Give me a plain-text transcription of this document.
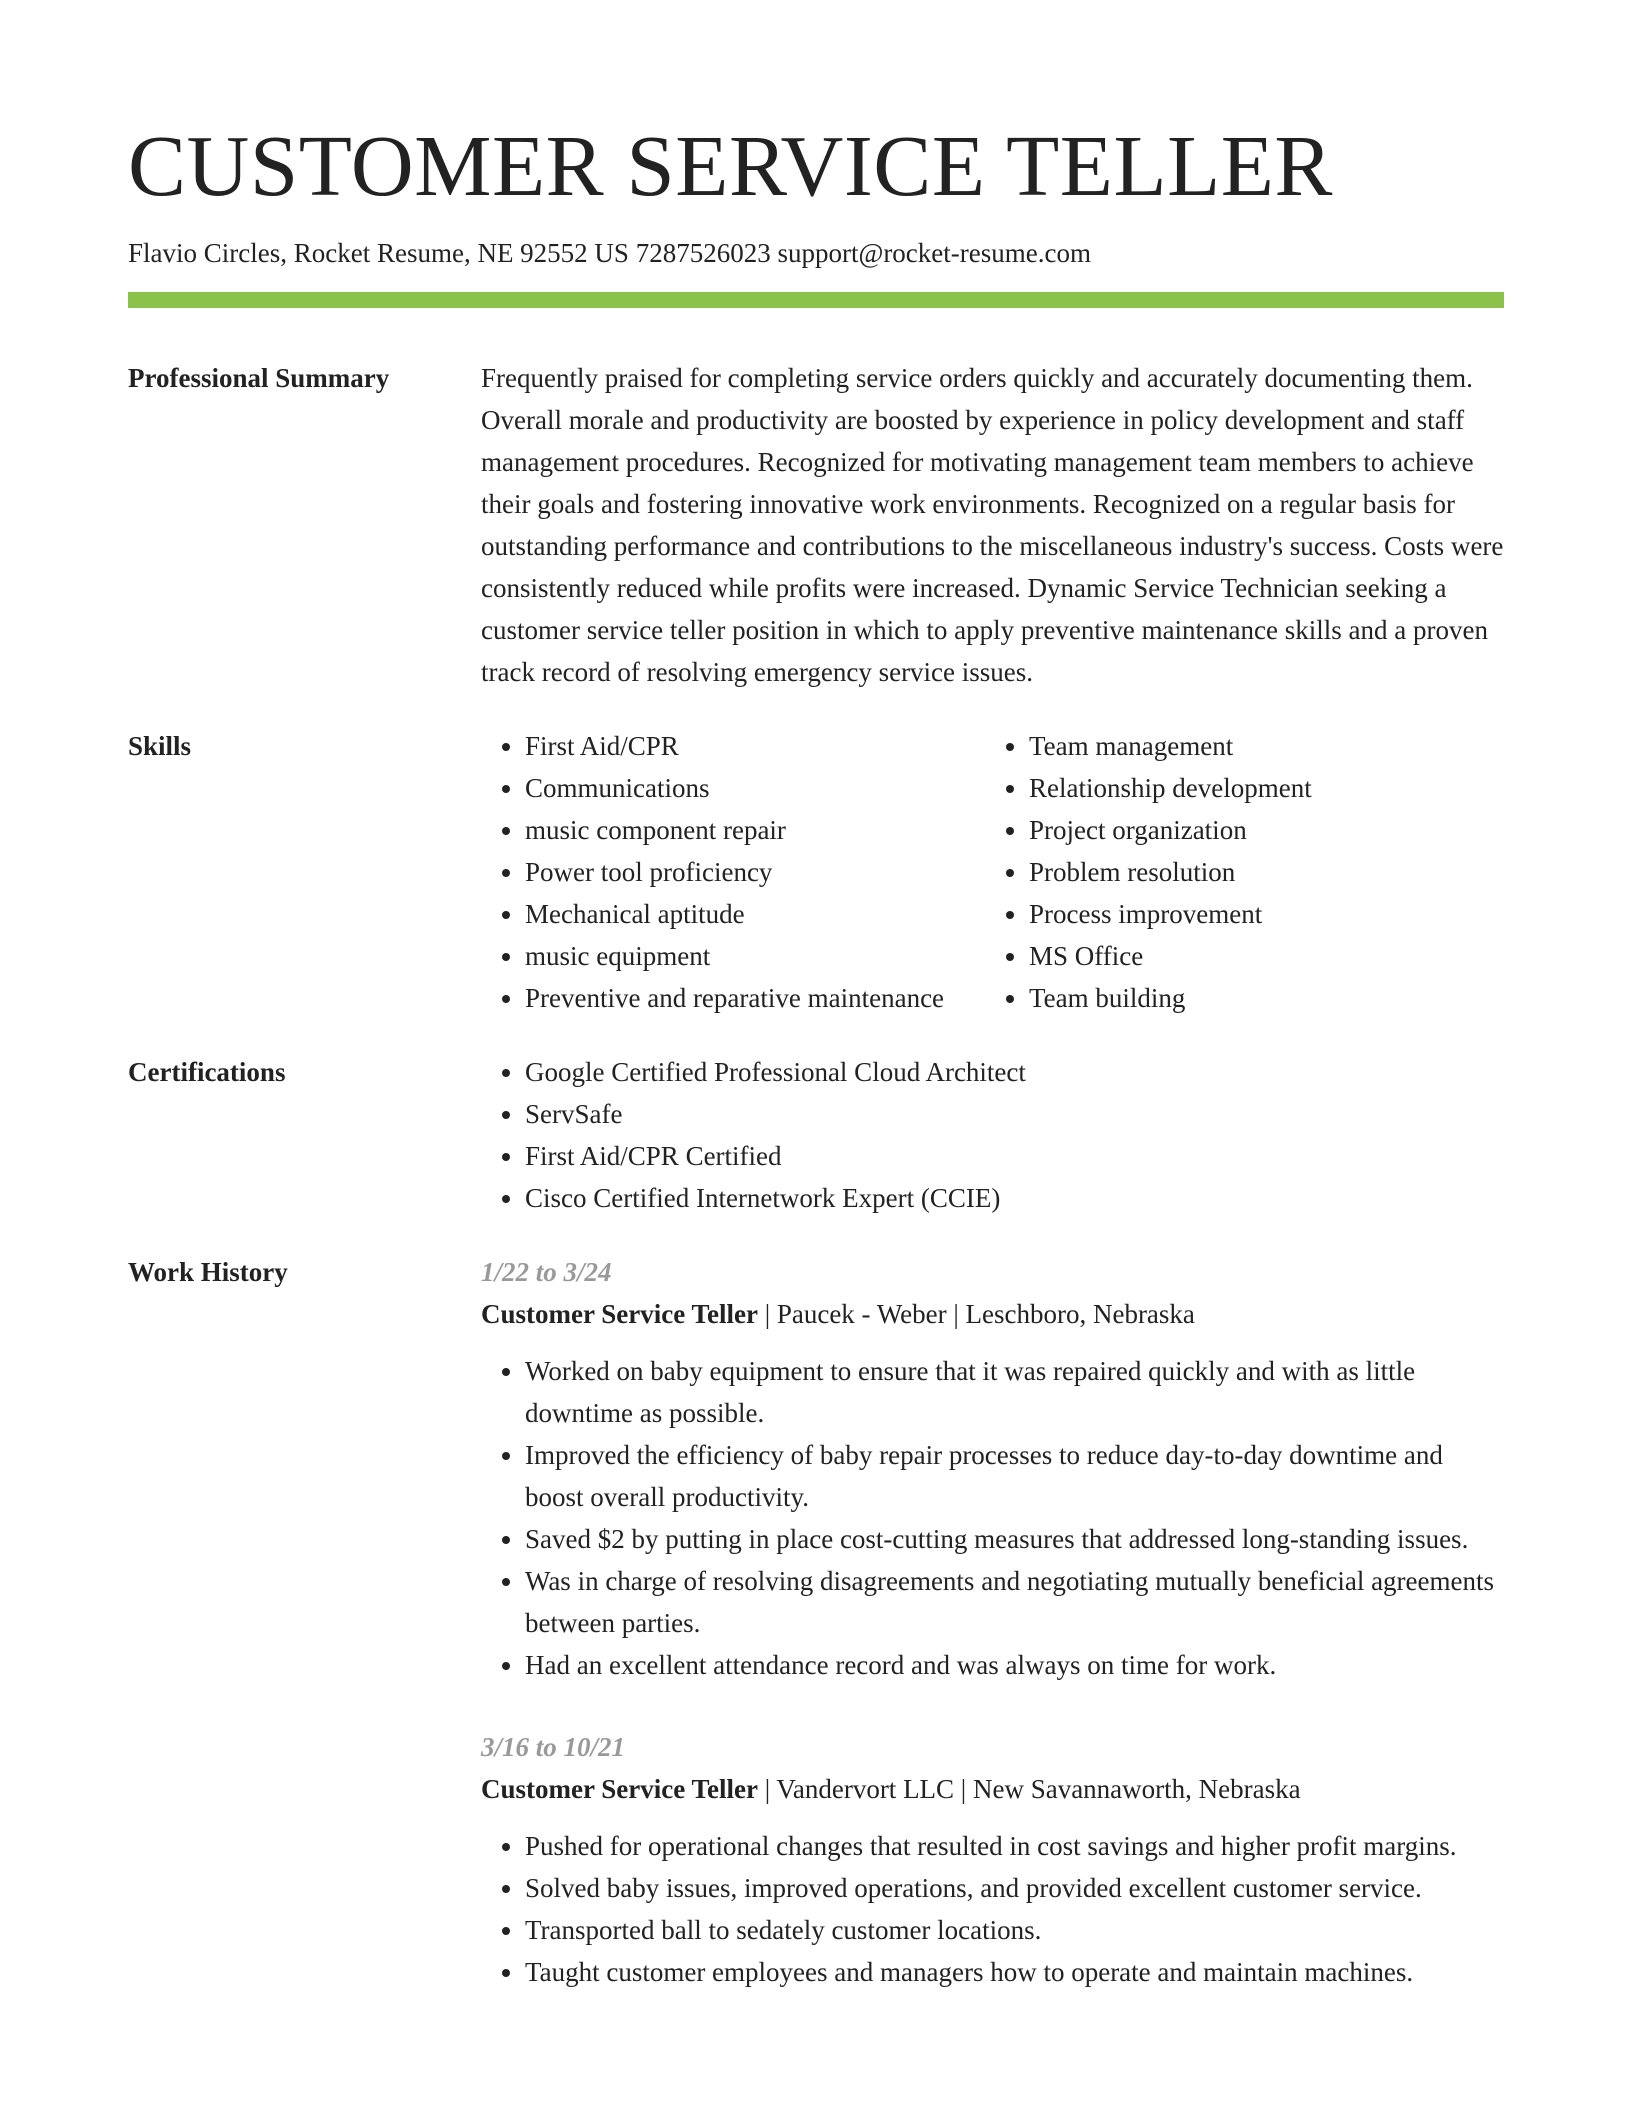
CUSTOMER SERVICE TELLER
Flavio Circles, Rocket Resume, NE 92552 US 7287526023 support@rocket-resume.com
Professional Summary	Frequently praised for completing service orders quickly and accurately documenting them. Overall morale and productivity are boosted by experience in policy development and staff management procedures. Recognized for motivating management team members to achieve their goals and fostering innovative work environments. Recognized on a regular basis for outstanding performance and contributions to the miscellaneous industry's success. Costs were consistently reduced while profits were increased. Dynamic Service Technician seeking a customer service teller position in which to apply preventive maintenance skills and a proven track record of resolving emergency service issues.

Skills	• First Aid/CPR
• Communications
• music component repair
• Power tool proficiency
• Mechanical aptitude
• music equipment
• Preventive and reparative maintenance
• Team management
• Relationship development
• Project organization
• Problem resolution
• Process improvement
• MS Office
• Team building
Certifications	• Google Certified Professional Cloud Architect
• ServSafe
• First Aid/CPR Certified
• Cisco Certified Internetwork Expert (CCIE)
Work History	1/22 to 3/24
Customer Service Teller | Paucek - Weber | Leschboro, Nebraska
• Worked on baby equipment to ensure that it was repaired quickly and with as little downtime as possible.
• Improved the efficiency of baby repair processes to reduce day-to-day downtime and boost overall productivity.
• Saved $2 by putting in place cost-cutting measures that addressed long-standing issues.
• Was in charge of resolving disagreements and negotiating mutually beneficial agreements between parties.
• Had an excellent attendance record and was always on time for work.
3/16 to 10/21
Customer Service Teller | Vandervort LLC | New Savannaworth, Nebraska
• Pushed for operational changes that resulted in cost savings and higher profit margins.
• Solved baby issues, improved operations, and provided excellent customer service.
• Transported ball to sedately customer locations.
• Taught customer employees and managers how to operate and maintain machines.
